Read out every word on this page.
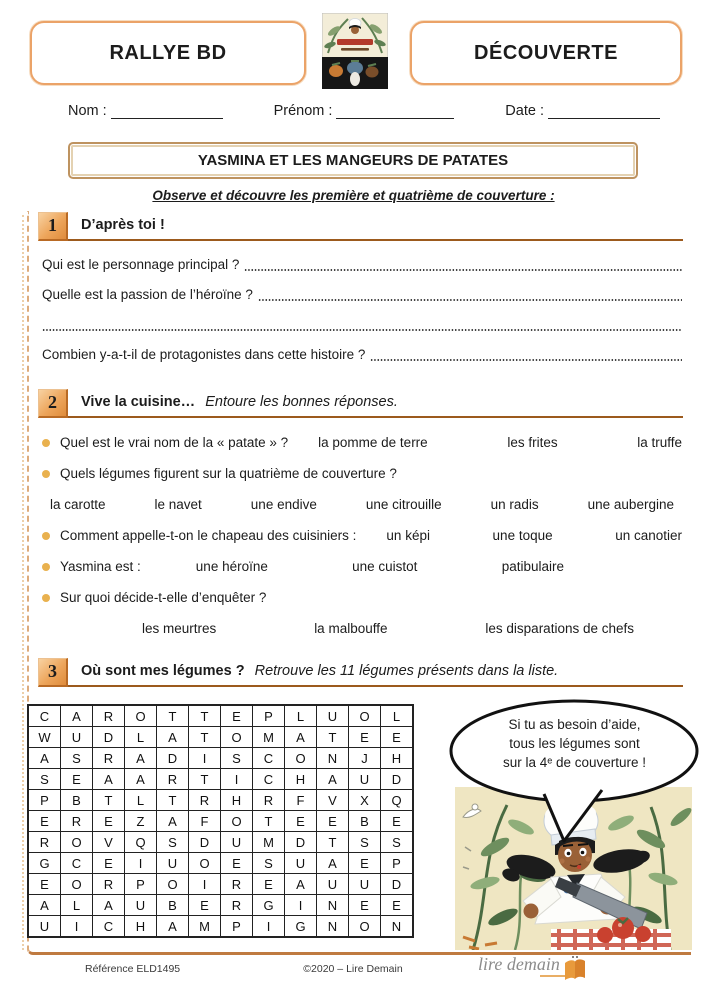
RALLYE BD	DÉCOUVERTE
Nom :	Prénom :	Date :
YASMINA ET LES MANGEURS DE PATATES
Observe et découvre les première et quatrième de couverture :
1	D’après toi !
Qui est le personnage principal ?
Quelle est la passion de l’héroïne ?
Combien y-a-t-il de protagonistes dans cette histoire ?
2	Vive la cuisine… Entoure les bonnes réponses.
Quel est le vrai nom de la « patate » ? la pomme de terre	les frites	la truffe
Quels légumes figurent sur la quatrième de couverture ?
la carotte	le navet	une endive	une citrouille	un radis	une aubergine
Comment appelle-t-on le chapeau des cuisiniers : un képi	une toque	un canotier
Yasmina est :	une héroïne	une cuistot	patibulaire
Sur quoi décide-t-elle d’enquêter ?
les meurtres	la malbouffe	les disparations de chefs
3	Où sont mes légumes ? Retrouve les 11 légumes présents dans la liste.
C	A	R	O	T	T	E	P	L	U	O	L
W	U	D	L	A	T	O	M	A	T	E	E
A	S	R	A	D	I	S	C	O	N	J	H
S	E	A	A	R	T	I	C	H	A	U	D
P	B	T	L	T	R	H	R	F	V	X	Q
E	R	E	Z	A	F	O	T	E	E	B	E
R	O	V	Q	S	D	U	M	D	T	S	S
G	C	E	I	U	O	E	S	U	A	E	P
E	O	R	P	O	I	R	E	A	U	U	D
A	L	A	U	B	E	R	G	I	N	E	E
U	I	C	H	A	M	P	I	G	N	O	N
Si tu as besoin d’aide,
tous les légumes sont
sur la 4ᵉ de couverture !
Référence ELD1495	©2020 – Lire Demain	lire demain
